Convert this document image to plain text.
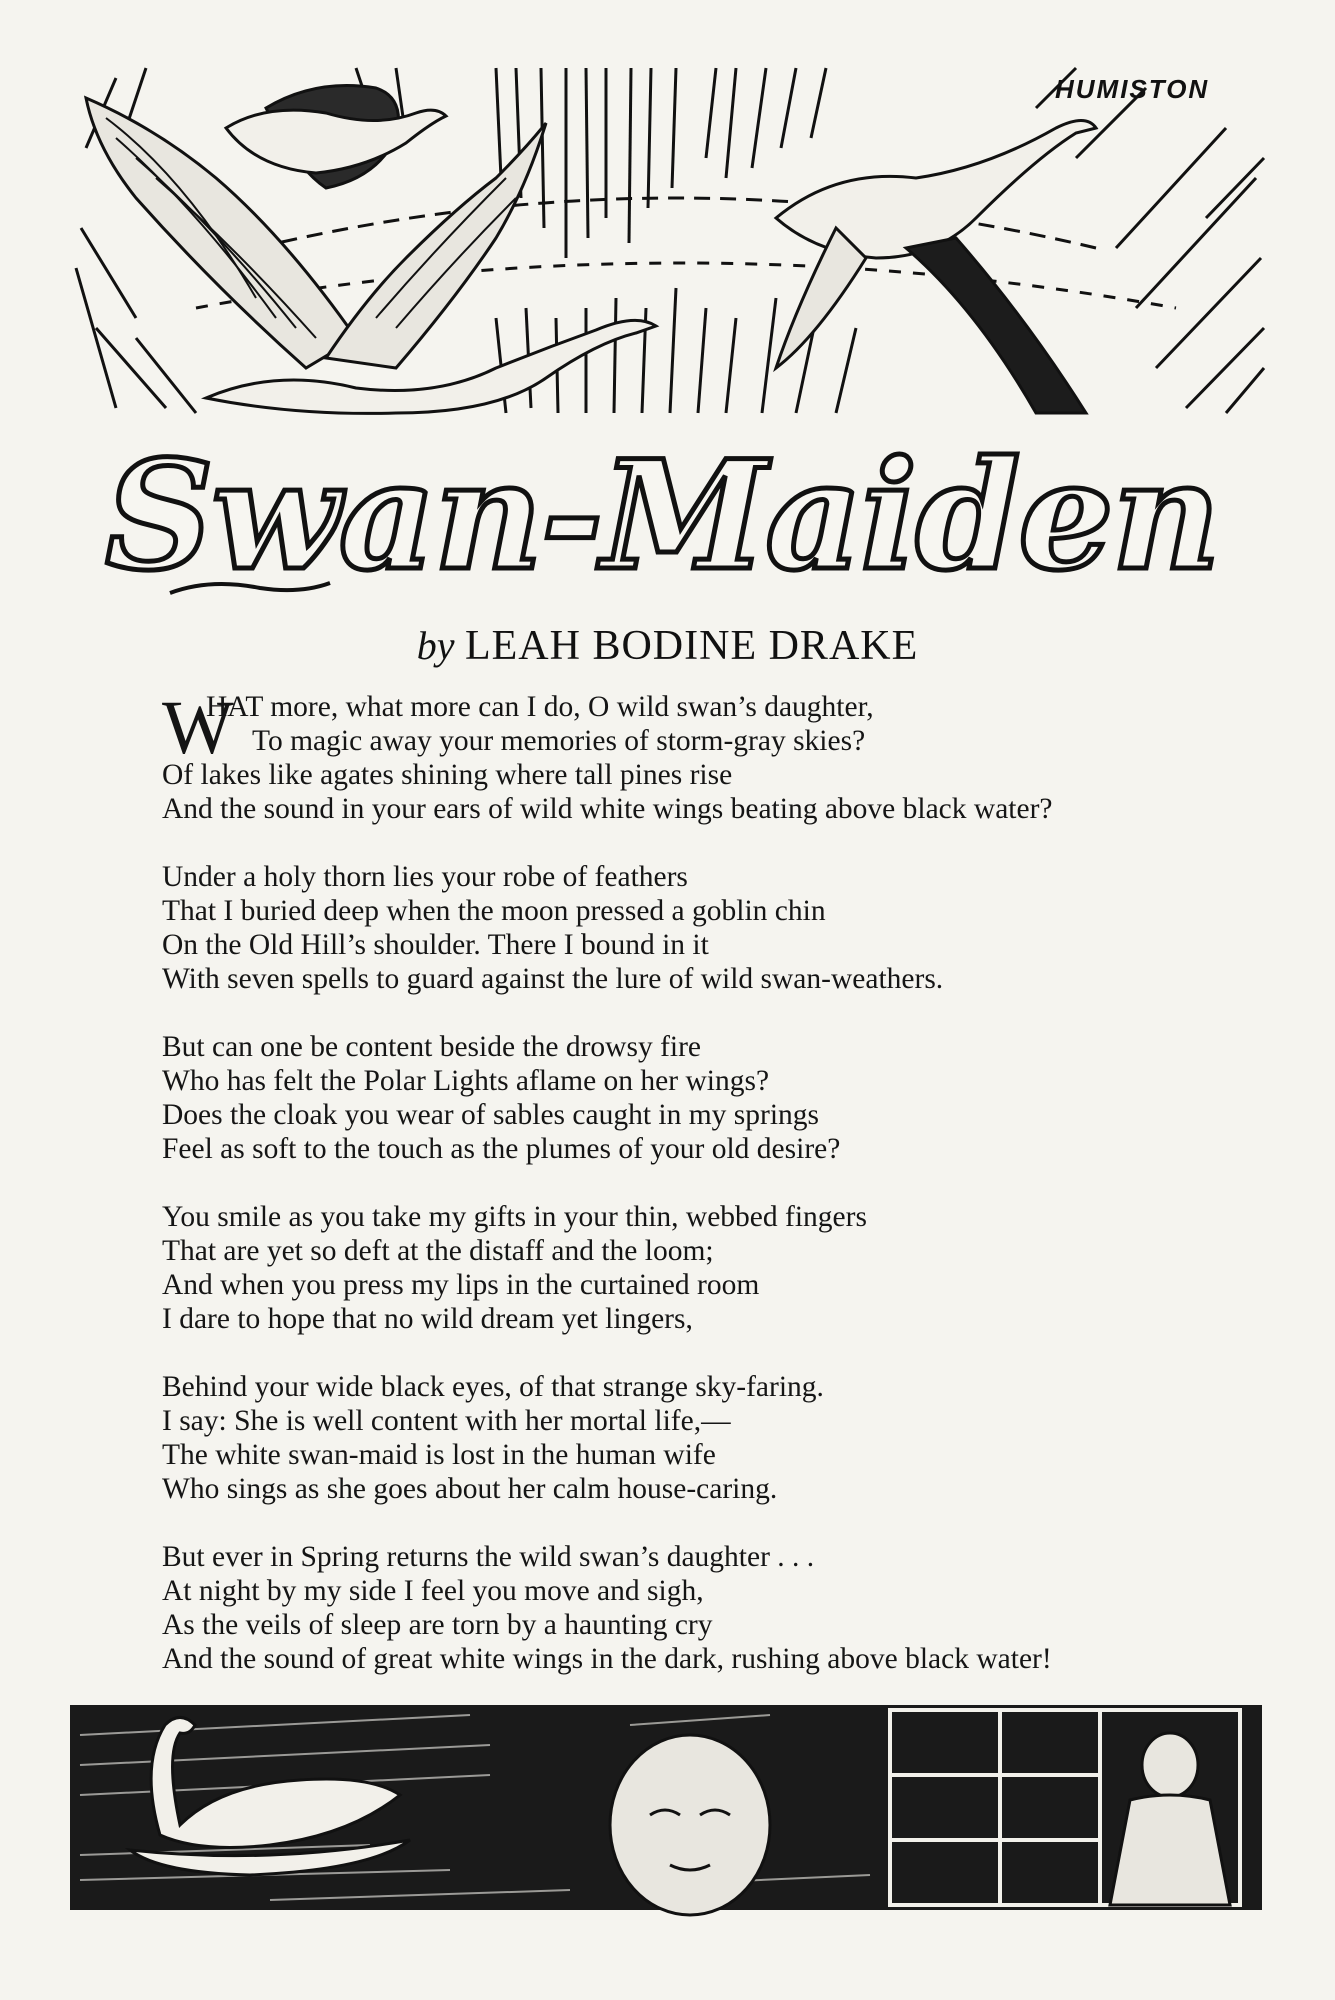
HUMISTON
Swan-Maiden
by LEAH BODINE DRAKE
W
HAT more, what more can I do, O wild swan’s daughter,
To magic away your memories of storm-gray skies?
Of lakes like agates shining where tall pines rise
And the sound in your ears of wild white wings beating above black water?
Under a holy thorn lies your robe of feathers
That I buried deep when the moon pressed a goblin chin
On the Old Hill’s shoulder. There I bound in it
With seven spells to guard against the lure of wild swan-weathers.
But can one be content beside the drowsy fire
Who has felt the Polar Lights aflame on her wings?
Does the cloak you wear of sables caught in my springs
Feel as soft to the touch as the plumes of your old desire?
You smile as you take my gifts in your thin, webbed fingers
That are yet so deft at the distaff and the loom;
And when you press my lips in the curtained room
I dare to hope that no wild dream yet lingers,
Behind your wide black eyes, of that strange sky-faring.
I say: She is well content with her mortal life,—
The white swan-maid is lost in the human wife
Who sings as she goes about her calm house-caring.
But ever in Spring returns the wild swan’s daughter . . .
At night by my side I feel you move and sigh,
As the veils of sleep are torn by a haunting cry
And the sound of great white wings in the dark, rushing above black water!
